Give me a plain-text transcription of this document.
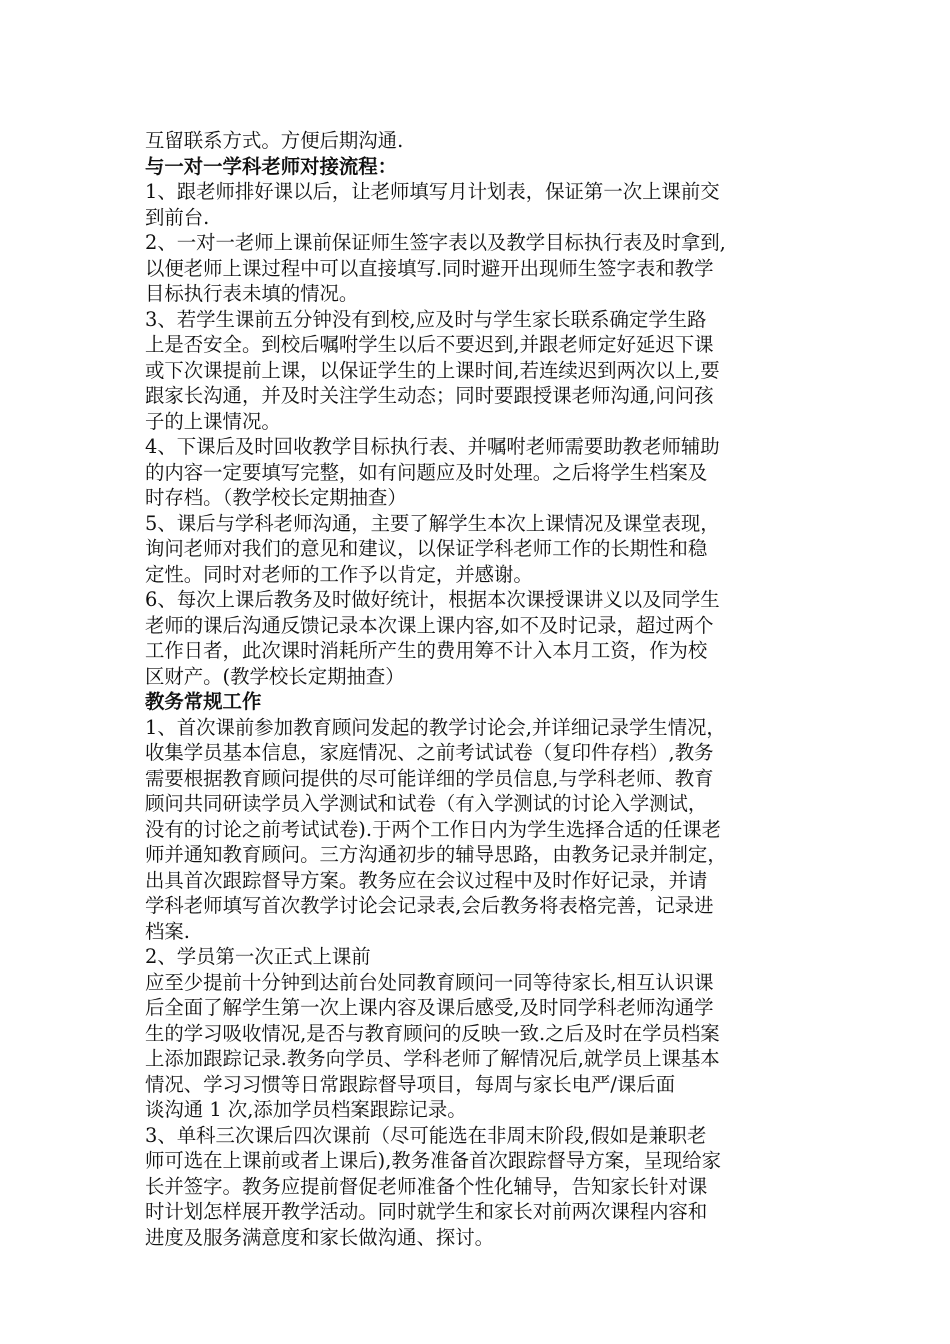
互留联系方式。方便后期沟通.
与一对一学科老师对接流程：
1、跟老师排好课以后，让老师填写月计划表，保证第一次上课前交
到前台.
2、一对一老师上课前保证师生签字表以及教学目标执行表及时拿到,
以便老师上课过程中可以直接填写.同时避开出现师生签字表和教学
目标执行表未填的情况。
3、若学生课前五分钟没有到校,应及时与学生家长联系确定学生路
上是否安全。到校后嘱咐学生以后不要迟到,并跟老师定好延迟下课
或下次课提前上课，以保证学生的上课时间,若连续迟到两次以上,要
跟家长沟通，并及时关注学生动态；同时要跟授课老师沟通,问问孩
子的上课情况。
4、下课后及时回收教学目标执行表、并嘱咐老师需要助教老师辅助
的内容一定要填写完整，如有问题应及时处理。之后将学生档案及
时存档。（教学校长定期抽查）
5、课后与学科老师沟通，主要了解学生本次上课情况及课堂表现，
询问老师对我们的意见和建议，以保证学科老师工作的长期性和稳
定性。同时对老师的工作予以肯定，并感谢。
6、每次上课后教务及时做好统计，根据本次课授课讲义以及同学生
老师的课后沟通反馈记录本次课上课内容,如不及时记录，超过两个
工作日者，此次课时消耗所产生的费用筹不计入本月工资，作为校
区财产。(教学校长定期抽查）
教务常规工作
1、首次课前参加教育顾问发起的教学讨论会,并详细记录学生情况，
收集学员基本信息，家庭情况、之前考试试卷（复印件存档）,教务
需要根据教育顾问提供的尽可能详细的学员信息,与学科老师、教育
顾问共同研读学员入学测试和试卷（有入学测试的讨论入学测试，
没有的讨论之前考试试卷).于两个工作日内为学生选择合适的任课老
师并通知教育顾问。三方沟通初步的辅导思路，由教务记录并制定，
出具首次跟踪督导方案。教务应在会议过程中及时作好记录，并请
学科老师填写首次教学讨论会记录表,会后教务将表格完善，记录进
档案.
2、学员第一次正式上课前
应至少提前十分钟到达前台处同教育顾问一同等待家长,相互认识课
后全面了解学生第一次上课内容及课后感受,及时同学科老师沟通学
生的学习吸收情况,是否与教育顾问的反映一致.之后及时在学员档案
上添加跟踪记录.教务向学员、学科老师了解情况后,就学员上课基本
情况、学习习惯等日常跟踪督导项目，每周与家长电严/课后面
谈沟通 1 次,添加学员档案跟踪记录。
3、单科三次课后四次课前（尽可能选在非周末阶段,假如是兼职老
师可选在上课前或者上课后),教务准备首次跟踪督导方案，呈现给家
长并签字。教务应提前督促老师准备个性化辅导，告知家长针对课
时计划怎样展开教学活动。同时就学生和家长对前两次课程内容和
进度及服务满意度和家长做沟通、探讨。
